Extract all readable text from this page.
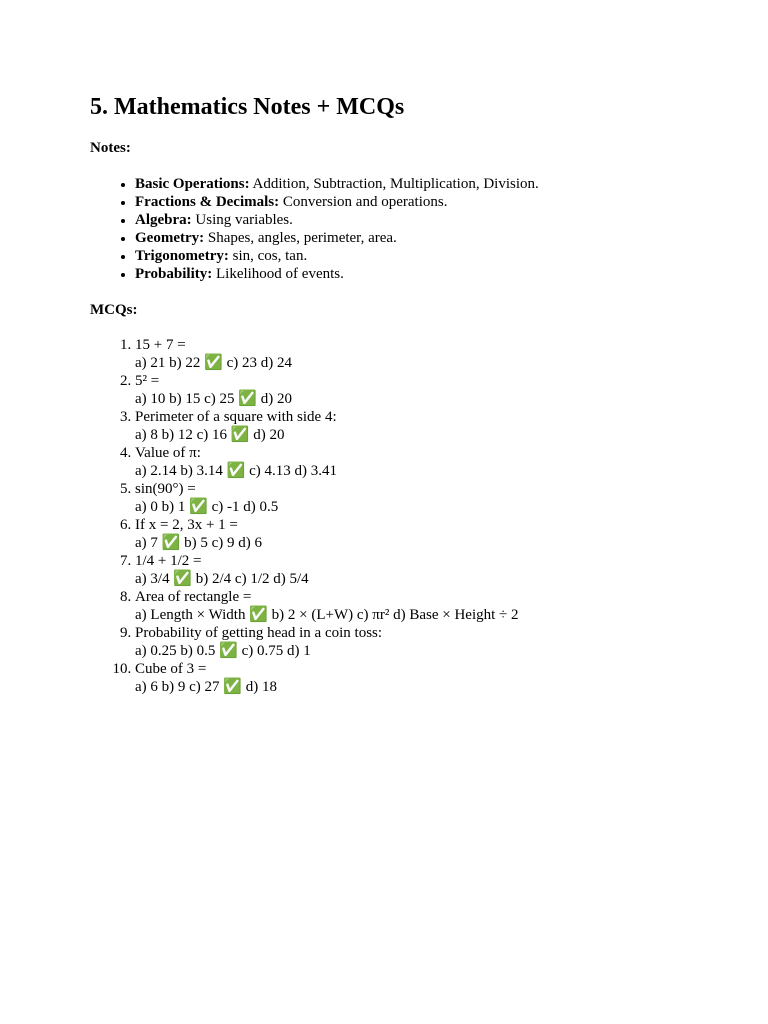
5. Mathematics Notes + MCQs

Notes:

• Basic Operations: Addition, Subtraction, Multiplication, Division.
• Fractions & Decimals: Conversion and operations.
• Algebra: Using variables.
• Geometry: Shapes, angles, perimeter, area.
• Trigonometry: sin, cos, tan.
• Probability: Likelihood of events.

MCQs:

1. 15 + 7 =
a) 21 b) 22 ✅ c) 23 d) 24
2. 5² =
a) 10 b) 15 c) 25 ✅ d) 20
3. Perimeter of a square with side 4:
a) 8 b) 12 c) 16 ✅ d) 20
4. Value of π:
a) 2.14 b) 3.14 ✅ c) 4.13 d) 3.41
5. sin(90°) =
a) 0 b) 1 ✅ c) -1 d) 0.5
6. If x = 2, 3x + 1 =
a) 7 ✅ b) 5 c) 9 d) 6
7. 1/4 + 1/2 =
a) 3/4 ✅ b) 2/4 c) 1/2 d) 5/4
8. Area of rectangle =
a) Length × Width ✅ b) 2 × (L+W) c) πr² d) Base × Height ÷ 2
9. Probability of getting head in a coin toss:
a) 0.25 b) 0.5 ✅ c) 0.75 d) 1
10. Cube of 3 =
a) 6 b) 9 c) 27 ✅ d) 18
